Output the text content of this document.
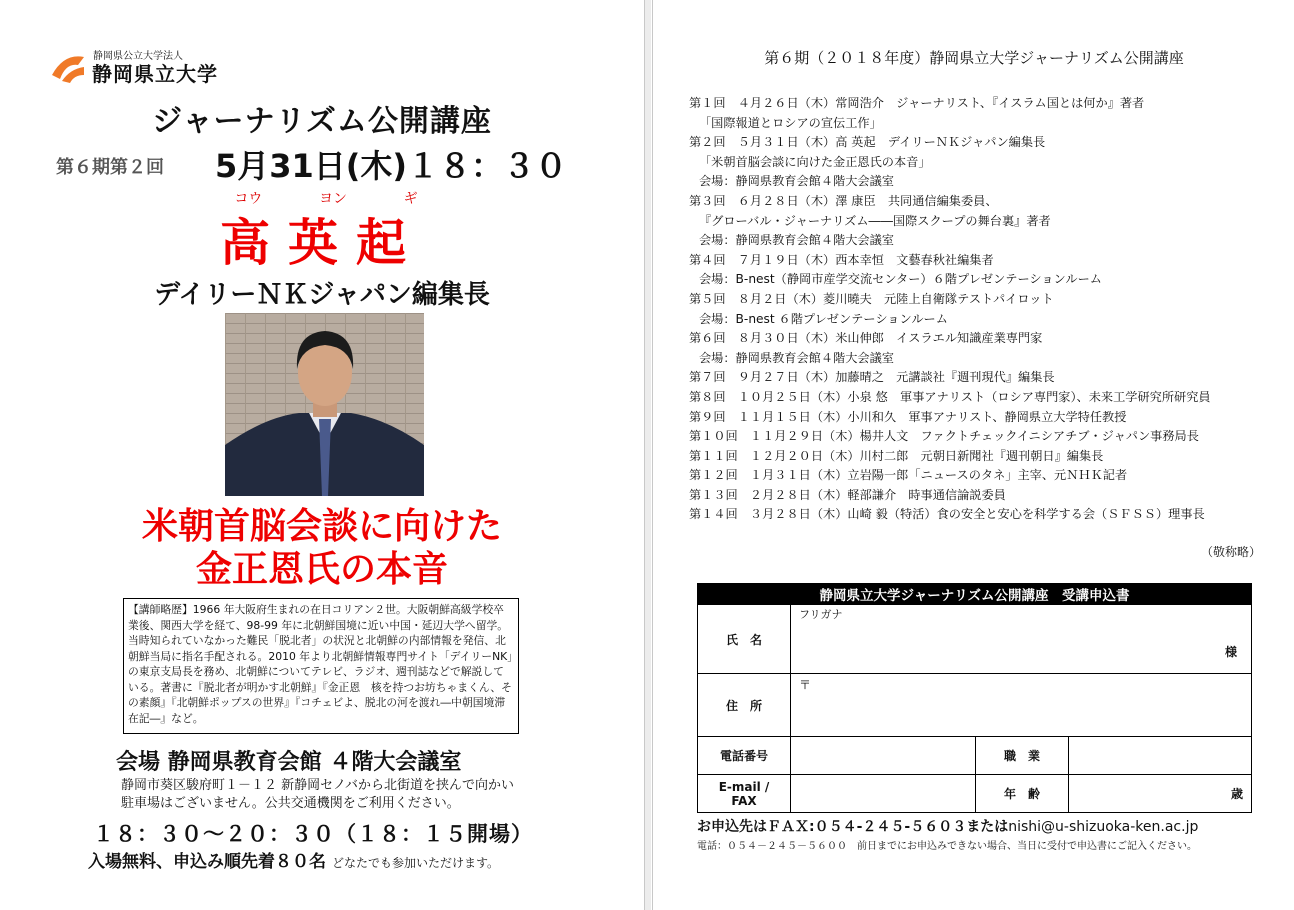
静岡県公立大学法人
静岡県立大学
ジャーナリズム公開講座
第６期第２回 5月31日(木)１８：３０
コウ	ヨン	ギ
高英起
デイリーＮＫジャパン編集長
米朝首脳会談に向けた
金正恩氏の本音
【講師略歴】1966 年大阪府生まれの在日コリアン２世。大阪朝鮮高級学校卒業後、関西大学を経て、98-99 年に北朝鮮国境に近い中国・延辺大学へ留学。当時知られていなかった難民「脱北者」の状況と北朝鮮の内部情報を発信、北朝鮮当局に指名手配される。2010 年より北朝鮮情報専門サイト「デイリーNK」の東京支局長を務め、北朝鮮についてテレビ、ラジオ、週刊誌などで解説している。著書に『脱北者が明かす北朝鮮』『金正恩　核を持つお坊ちゃまくん、その素顔』『北朝鮮ポップスの世界』『コチェビよ、脱北の河を渡れ―中朝国境滞在記―』など。
会場 静岡県教育会館 ４階大会議室
静岡市葵区駿府町１－１２ 新静岡セノバから北街道を挟んで向かい
駐車場はございません。公共交通機関をご利用ください。
１８：３０～２０：３０（１８：１５開場）
入場無料、申込み順先着８０名 どなたでも参加いただけます。
第６期（２０１８年度）静岡県立大学ジャーナリズム公開講座
第１回　４月２６日（木）常岡浩介　ジャーナリスト、『イスラム国とは何か』著者
「国際報道とロシアの宣伝工作」
第２回　５月３１日（木）高 英起　デイリーＮＫジャパン編集長
「米朝首脳会談に向けた金正恩氏の本音」
会場：静岡県教育会館４階大会議室
第３回　６月２８日（木）澤 康臣　共同通信編集委員、
『グローバル・ジャーナリズム――国際スクープの舞台裏』著者
会場：静岡県教育会館４階大会議室
第４回　７月１９日（木）西本幸恒　文藝春秋社編集者
会場：B-nest（静岡市産学交流センター）６階プレゼンテーションルーム
第５回　８月２日（木）菱川曉夫　元陸上自衛隊テストパイロット
会場：B-nest ６階プレゼンテーションルーム
第６回　８月３０日（木）米山伸郎　イスラエル知識産業専門家
会場：静岡県教育会館４階大会議室
第７回　９月２７日（木）加藤晴之　元講談社『週刊現代』編集長
第８回　１０月２５日（木）小泉 悠　軍事アナリスト（ロシア専門家）、未来工学研究所研究員
第９回　１１月１５日（木）小川和久　軍事アナリスト、静岡県立大学特任教授
第１０回　１１月２９日（木）楊井人文　ファクトチェックイニシアチブ・ジャパン事務局長
第１１回　１２月２０日（木）川村二郎　元朝日新聞社『週刊朝日』編集長
第１２回　１月３１日（木）立岩陽一郎「ニュースのタネ」主宰、元ＮＨＫ記者
第１３回　２月２８日（木）軽部謙介　時事通信論説委員
第１４回　３月２８日（木）山崎 毅（特活）食の安全と安心を科学する会（ＳＦＳＳ）理事長
（敬称略）
静岡県立大学ジャーナリズム公開講座　受講申込書			
氏　名	フリガナ
様		

住　所	〒		
電話番号		職　業	
E-mail / FAX		年　齢	歳
お申込先はＦＡＸ:０５４-２４５-５６０３またはnishi@u-shizuoka-ken.ac.jp
電話：０５４－２４５－５６００　前日までにお申込みできない場合、当日に受付で申込書にご記入ください。
